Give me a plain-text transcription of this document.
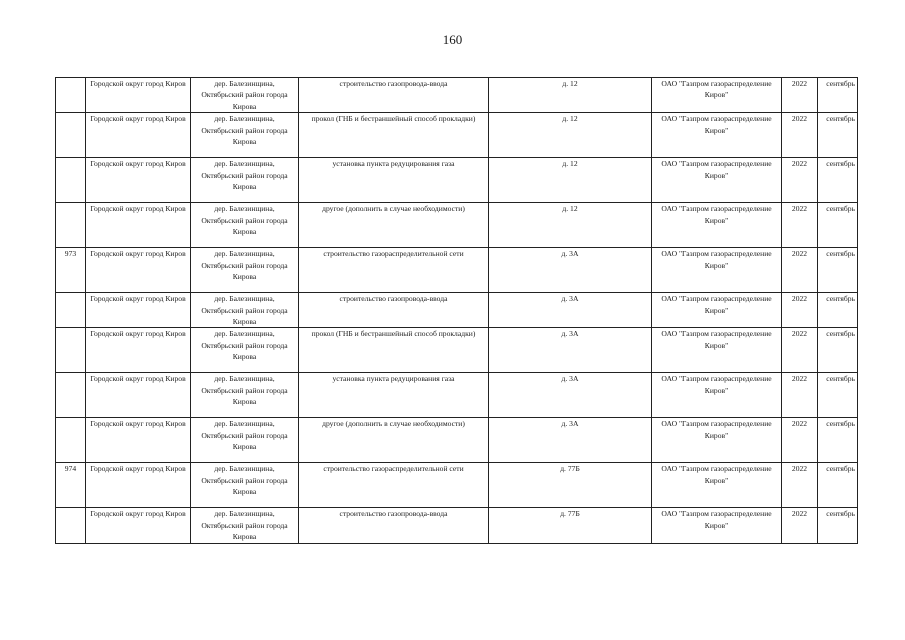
160
	Городской округ город Киров	дер. Балезинщина, Октябрьский район города Кирова	строительство газопровода-ввода	д. 12	ОАО "Газпром газораспределение Киров"	2022	сентябрь
	Городской округ город Киров	дер. Балезинщина, Октябрьский район города Кирова	прокол (ГНБ и бестраншейный способ прокладки)	д. 12	ОАО "Газпром газораспределение Киров"	2022	сентябрь
	Городской округ город Киров	дер. Балезинщина, Октябрьский район города Кирова	установка пункта редуцирования газа	д. 12	ОАО "Газпром газораспределение Киров"	2022	сентябрь
	Городской округ город Киров	дер. Балезинщина, Октябрьский район города Кирова	другое (дополнить в случае необходимости)	д. 12	ОАО "Газпром газораспределение Киров"	2022	сентябрь
973	Городской округ город Киров	дер. Балезинщина, Октябрьский район города Кирова	строительство газораспределительной сети	д. 3А	ОАО "Газпром газораспределение Киров"	2022	сентябрь
	Городской округ город Киров	дер. Балезинщина, Октябрьский район города Кирова	строительство газопровода-ввода	д. 3А	ОАО "Газпром газораспределение Киров"	2022	сентябрь
	Городской округ город Киров	дер. Балезинщина, Октябрьский район города Кирова	прокол (ГНБ и бестраншейный способ прокладки)	д. 3А	ОАО "Газпром газораспределение Киров"	2022	сентябрь
	Городской округ город Киров	дер. Балезинщина, Октябрьский район города Кирова	установка пункта редуцирования газа	д. 3А	ОАО "Газпром газораспределение Киров"	2022	сентябрь
	Городской округ город Киров	дер. Балезинщина, Октябрьский район города Кирова	другое (дополнить в случае необходимости)	д. 3А	ОАО "Газпром газораспределение Киров"	2022	сентябрь
974	Городской округ город Киров	дер. Балезинщина, Октябрьский район города Кирова	строительство газораспределительной сети	д. 77Б	ОАО "Газпром газораспределение Киров"	2022	сентябрь
	Городской округ город Киров	дер. Балезинщина, Октябрьский район города Кирова	строительство газопровода-ввода	д. 77Б	ОАО "Газпром газораспределение Киров"	2022	сентябрь
